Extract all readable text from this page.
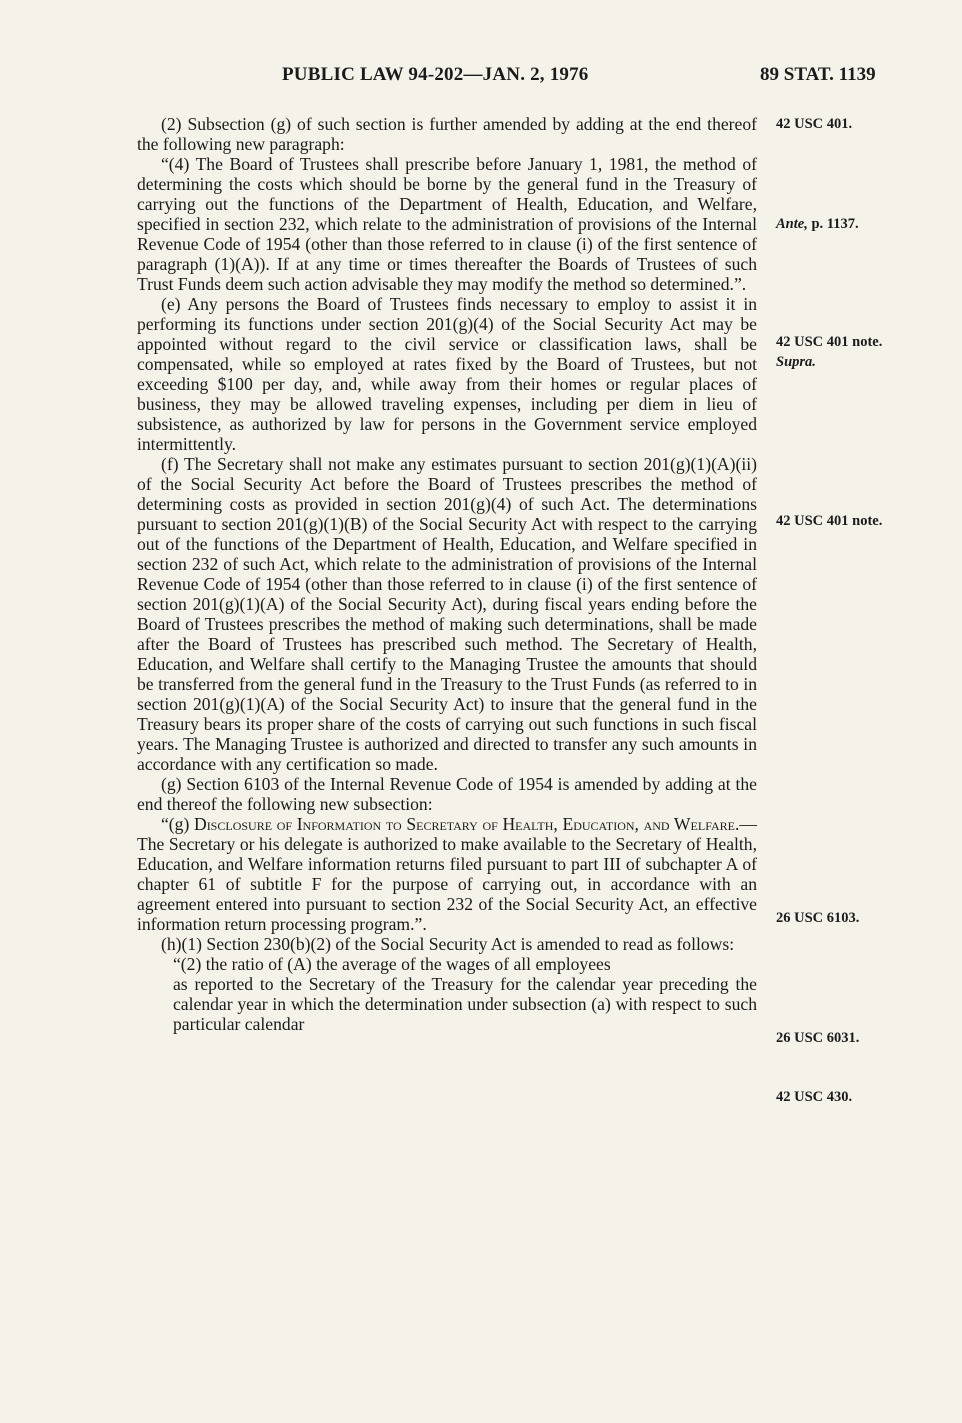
PUBLIC LAW 94-202—JAN. 2, 1976	89 STAT. 1139
42 USC 401.
Ante, p. 1137.
42 USC 401 note.
Supra.
42 USC 401 note.
26 USC 6103.
26 USC 6031.
42 USC 430.

(2) Subsection (g) of such section is further amended by adding at the end thereof the following new paragraph:

“(4) The Board of Trustees shall prescribe before January 1, 1981, the method of determining the costs which should be borne by the general fund in the Treasury of carrying out the functions of the Department of Health, Education, and Welfare, specified in section 232, which relate to the administration of provisions of the Internal Revenue Code of 1954 (other than those referred to in clause (i) of the first sentence of paragraph (1)(A)). If at any time or times thereafter the Boards of Trustees of such Trust Funds deem such action advisable they may modify the method so determined.”.

(e) Any persons the Board of Trustees finds necessary to employ to assist it in performing its functions under section 201(g)(4) of the Social Security Act may be appointed without regard to the civil service or classification laws, shall be compensated, while so employed at rates fixed by the Board of Trustees, but not exceeding $100 per day, and, while away from their homes or regular places of business, they may be allowed traveling expenses, including per diem in lieu of subsistence, as authorized by law for persons in the Government service employed intermittently.

(f) The Secretary shall not make any estimates pursuant to section 201(g)(1)(A)(ii) of the Social Security Act before the Board of Trustees prescribes the method of determining costs as provided in section 201(g)(4) of such Act. The determinations pursuant to section 201(g)(1)(B) of the Social Security Act with respect to the carrying out of the functions of the Department of Health, Education, and Welfare specified in section 232 of such Act, which relate to the administration of provisions of the Internal Revenue Code of 1954 (other than those referred to in clause (i) of the first sentence of section 201(g)(1)(A) of the Social Security Act), during fiscal years ending before the Board of Trustees prescribes the method of making such determinations, shall be made after the Board of Trustees has prescribed such method. The Secretary of Health, Education, and Welfare shall certify to the Managing Trustee the amounts that should be transferred from the general fund in the Treasury to the Trust Funds (as referred to in section 201(g)(1)(A) of the Social Security Act) to insure that the general fund in the Treasury bears its proper share of the costs of carrying out such functions in such fiscal years. The Managing Trustee is authorized and directed to transfer any such amounts in accordance with any certification so made.

(g) Section 6103 of the Internal Revenue Code of 1954 is amended by adding at the end thereof the following new subsection:

“(g) Disclosure of Information to Secretary of Health, Education, and Welfare.—The Secretary or his delegate is authorized to make available to the Secretary of Health, Education, and Welfare information returns filed pursuant to part III of subchapter A of chapter 61 of subtitle F for the purpose of carrying out, in accordance with an agreement entered into pursuant to section 232 of the Social Security Act, an effective information return processing program.”.

(h)(1) Section 230(b)(2) of the Social Security Act is amended to read as follows:

“(2) the ratio of (A) the average of the wages of all employees

as reported to the Secretary of the Treasury for the calendar year preceding the calendar year in which the determination under subsection (a) with respect to such particular calendar
